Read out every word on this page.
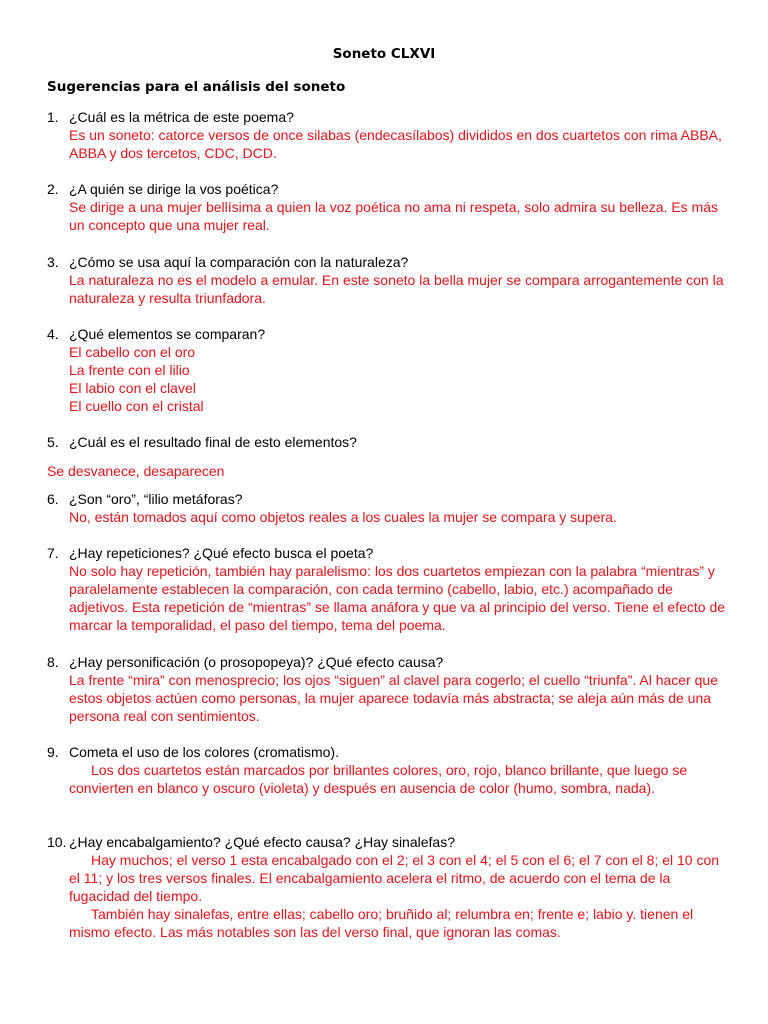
Soneto CLXVI
Sugerencias para el análisis del soneto
1. ¿Cuál es la métrica de este poema?
Es un soneto: catorce versos de once silabas (endecasílabos) divididos en dos cuartetos con rima ABBA, ABBA y dos tercetos, CDC, DCD.
2. ¿A quién se dirige la vos poética?
Se dirige a una mujer bellísima a quien la voz poética no ama ni respeta, solo admira su belleza. Es más un concepto que una mujer real.
3. ¿Cómo se usa aquí la comparación con la naturaleza?
La naturaleza no es el modelo a emular. En este soneto la bella mujer se compara arrogantemente con la naturaleza y resulta triunfadora.
4. ¿Qué elementos se comparan?
El cabello con el oro
La frente con el lilio
El labio con el clavel
El cuello con el cristal
5. ¿Cuál es el resultado final de esto elementos?
Se desvanece, desaparecen
6. ¿Son “oro”, “lilio metáforas?
No, están tomados aquí como objetos reales a los cuales la mujer se compara y supera.
7. ¿Hay repeticiones? ¿Qué efecto busca el poeta?
No solo hay repetición, también hay paralelismo: los dos cuartetos empiezan con la palabra “mientras” y paralelamente establecen la comparación, con cada termino (cabello, labio, etc.) acompañado de adjetivos. Esta repetición de “mientras” se llama anáfora y que va al principio del verso. Tiene el efecto de marcar la temporalidad, el paso del tiempo, tema del poema.
8. ¿Hay personificación (o prosopopeya)? ¿Qué efecto causa?
La frente “mira” con menosprecio; los ojos “siguen” al clavel para cogerlo; el cuello “triunfa”. Al hacer que estos objetos actúen como personas, la mujer aparece todavía más abstracta; se aleja aún más de una persona real con sentimientos.
9. Cometa el uso de los colores (cromatismo).

Los dos cuartetos están marcados por brillantes colores, oro, rojo, blanco brillante, que luego se convierten en blanco y oscuro (violeta) y después en ausencia de color (humo, sombra, nada).

10. ¿Hay encabalgamiento? ¿Qué efecto causa? ¿Hay sinalefas?

Hay muchos; el verso 1 esta encabalgado con el 2; el 3 con el 4; el 5 con el 6; el 7 con el 8; el 10 con el 11; y los tres versos finales. El encabalgamiento acelera el ritmo, de acuerdo con el tema de la fugacidad del tiempo.

También hay sinalefas, entre ellas; cabello oro; bruñido al; relumbra en; frente e; labio y. tienen el mismo efecto. Las más notables son las del verso final, que ignoran las comas.
